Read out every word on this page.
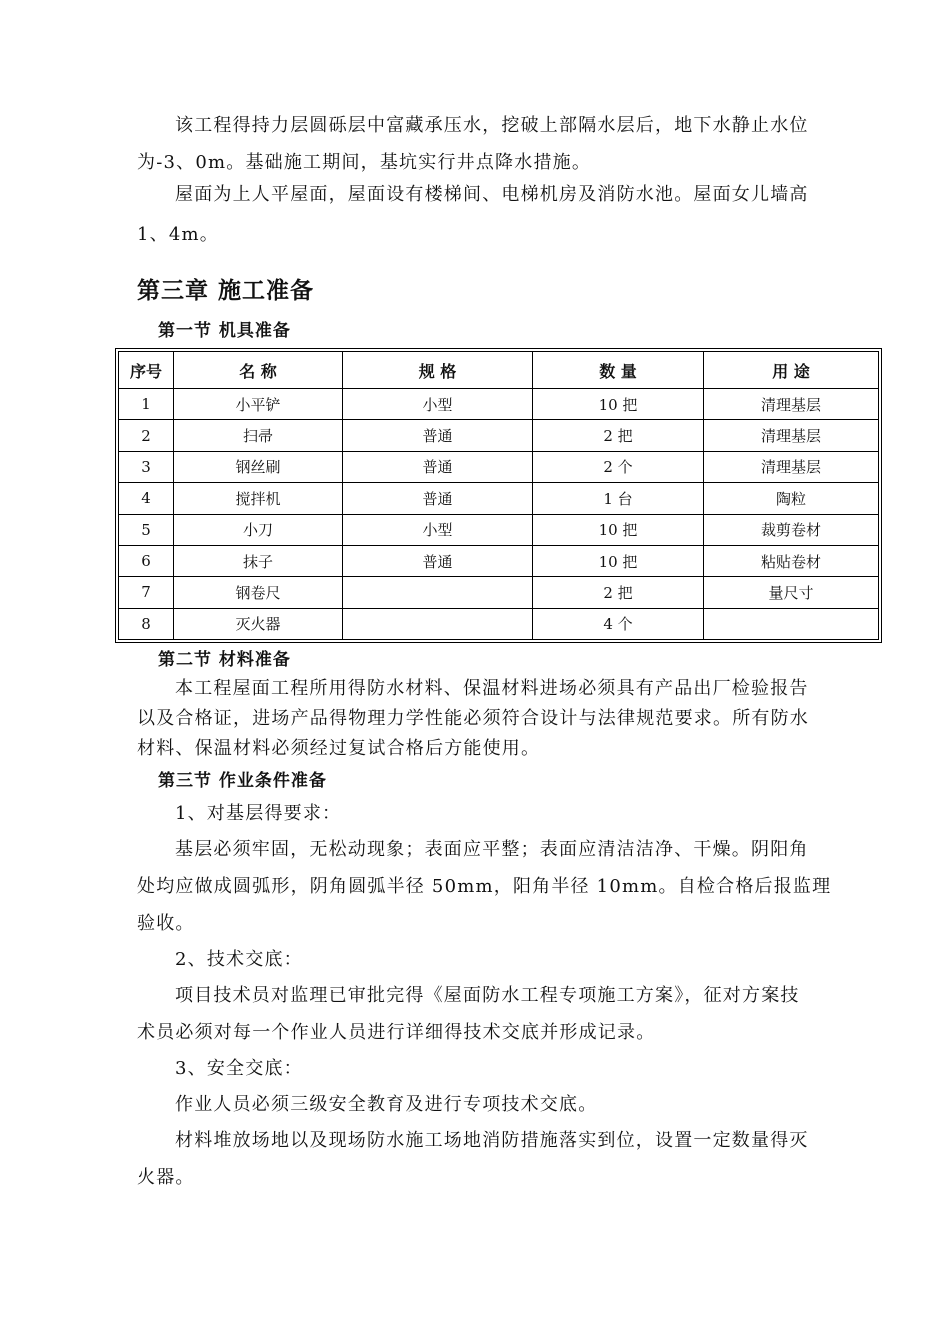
该工程得持力层圆砾层中富藏承压水，挖破上部隔水层后，地下水静止水位
为-3、0m。基础施工期间，基坑实行井点降水措施。

屋面为上人平屋面，屋面设有楼梯间、电梯机房及消防水池。屋面女儿墙高
1、4m。

第三章 施工准备
第一节 机具准备
序号	名 称	规 格	数 量	用 途
1	小平铲	小型	10 把	清理基层
2	扫帚	普通	2 把	清理基层
3	钢丝刷	普通	2 个	清理基层
4	搅拌机	普通	1 台	陶粒
5	小刀	小型	10 把	裁剪卷材
6	抹子	普通	10 把	粘贴卷材
7	钢卷尺		2 把	量尺寸
8	灭火器		4 个	
第二节 材料准备

本工程屋面工程所用得防水材料、保温材料进场必须具有产品出厂检验报告
以及合格证，进场产品得物理力学性能必须符合设计与法律规范要求。所有防水
材料、保温材料必须经过复试合格后方能使用。

第三节 作业条件准备

1、对基层得要求：

基层必须牢固，无松动现象；表面应平整；表面应清洁洁净、干燥。阴阳角
处均应做成圆弧形，阴角圆弧半径 50mm，阳角半径 10mm。自检合格后报监理
验收。

2、技术交底：

项目技术员对监理已审批完得《屋面防水工程专项施工方案》，征对方案技
术员必须对每一个作业人员进行详细得技术交底并形成记录。

3、安全交底：

作业人员必须三级安全教育及进行专项技术交底。

材料堆放场地以及现场防水施工场地消防措施落实到位，设置一定数量得灭
火器。
